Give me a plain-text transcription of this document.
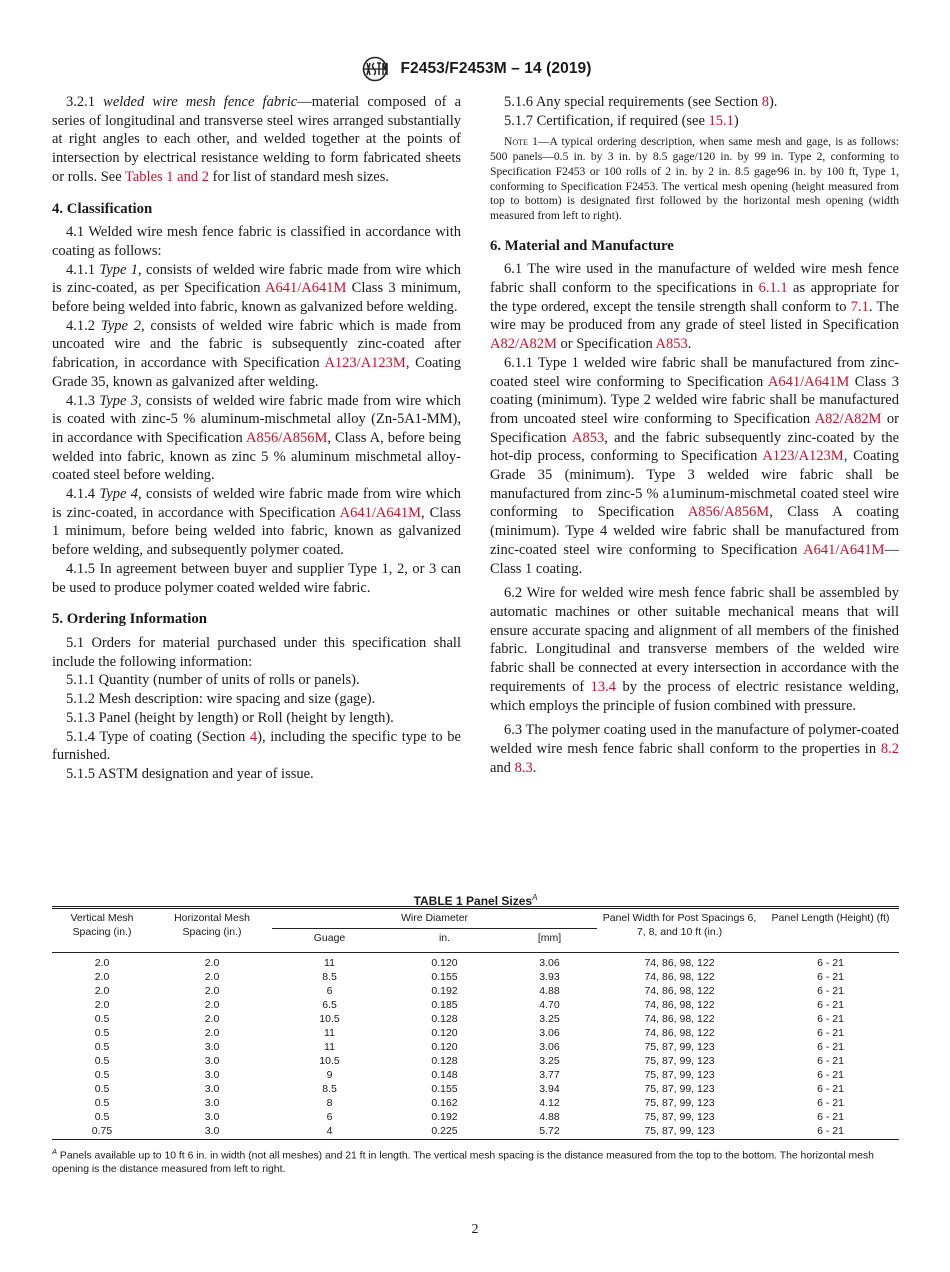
F2453/F2453M – 14 (2019)

3.2.1 welded wire mesh fence fabric—material composed of a series of longitudinal and transverse steel wires arranged substantially at right angles to each other, and welded together at the points of intersection by electrical resistance welding to form fabricated sheets or rolls. See Tables 1 and 2 for list of standard mesh sizes.

4. Classification

4.1 Welded wire mesh fence fabric is classified in accordance with coating as follows:

4.1.1 Type 1, consists of welded wire fabric made from wire which is zinc-coated, as per Specification A641/A641M Class 3 minimum, before being welded into fabric, known as galvanized before welding.

4.1.2 Type 2, consists of welded wire fabric which is made from uncoated wire and the fabric is subsequently zinc-coated after fabrication, in accordance with Specification A123/A123M, Coating Grade 35, known as galvanized after welding.

4.1.3 Type 3, consists of welded wire fabric made from wire which is coated with zinc-5 % aluminum-mischmetal alloy (Zn-5A1-MM), in accordance with Specification A856/A856M, Class A, before being welded into fabric, known as zinc 5 % aluminum mischmetal alloy-coated steel before welding.

4.1.4 Type 4, consists of welded wire fabric made from wire which is zinc-coated, in accordance with Specification A641/A641M, Class 1 minimum, before being welded into fabric, known as galvanized before welding, and subsequently polymer coated.

4.1.5 In agreement between buyer and supplier Type 1, 2, or 3 can be used to produce polymer coated welded wire fabric.

5. Ordering Information

5.1 Orders for material purchased under this specification shall include the following information:

5.1.1 Quantity (number of units of rolls or panels).

5.1.2 Mesh description: wire spacing and size (gage).

5.1.3 Panel (height by length) or Roll (height by length).

5.1.4 Type of coating (Section 4), including the specific type to be furnished.

5.1.5 ASTM designation and year of issue.

5.1.6 Any special requirements (see Section 8).

5.1.7 Certification, if required (see 15.1)

Note 1—A typical ordering description, when same mesh and gage, is as follows: 500 panels—0.5 in. by 3 in. by 8.5 gage/120 in. by 99 in. Type 2, conforming to Specification F2453 or 100 rolls of 2 in. by 2 in. 8.5 gage⁄96 in. by 100 ft, Type 1, conforming to Specification F2453. The vertical mesh opening (height measured from top to bottom) is designated first followed by the horizontal mesh opening (width measured from left to right).

6. Material and Manufacture

6.1 The wire used in the manufacture of welded wire mesh fence fabric shall conform to the specifications in 6.1.1 as appropriate for the type ordered, except the tensile strength shall conform to 7.1. The wire may be produced from any grade of steel listed in Specification A82/A82M or Specification A853.

6.1.1 Type 1 welded wire fabric shall be manufactured from zinc-coated steel wire conforming to Specification A641/A641M Class 3 coating (minimum). Type 2 welded wire fabric shall be manufactured from uncoated steel wire conforming to Specification A82/A82M or Specification A853, and the fabric subsequently zinc-coated by the hot-dip process, conforming to Specification A123/A123M, Coating Grade 35 (minimum). Type 3 welded wire fabric shall be manufactured from zinc-5 % a1uminum-mischmetal coated steel wire conforming to Specification A856/A856M, Class A coating (minimum). Type 4 welded wire fabric shall be manufactured from zinc-coated steel wire conforming to Specification A641/A641M—Class 1 coating.

6.2 Wire for welded wire mesh fence fabric shall be assembled by automatic machines or other suitable mechanical means that will ensure accurate spacing and alignment of all members of the finished fabric. Longitudinal and transverse members of the welded wire fabric shall be connected at every intersection in accordance with the requirements of 13.4 by the process of electric resistance welding, which employs the principle of fusion combined with pressure.

6.3 The polymer coating used in the manufacture of polymer-coated welded wire mesh fence fabric shall conform to the properties in 8.2 and 8.3.

TABLE 1 Panel Sizes$^A$
Vertical Mesh Spacing (in.)	Horizontal Mesh Spacing (in.)	Wire Diameter			Panel Width for Post Spacings 6, 7, 8, and 10 ft (in.)	Panel Length (Height) (ft)
		Guage	in.	[mm]		
2.0	2.0	11	0.120	3.06	74, 86, 98, 122	6 - 21
2.0	2.0	8.5	0.155	3.93	74, 86, 98, 122	6 - 21
2.0	2.0	6	0.192	4.88	74, 86, 98, 122	6 - 21
2.0	2.0	6.5	0.185	4.70	74, 86, 98, 122	6 - 21
0.5	2.0	10.5	0.128	3.25	74, 86, 98, 122	6 - 21
0.5	2.0	11	0.120	3.06	74, 86, 98, 122	6 - 21
0.5	3.0	11	0.120	3.06	75, 87, 99, 123	6 - 21
0.5	3.0	10.5	0.128	3.25	75, 87, 99, 123	6 - 21
0.5	3.0	9	0.148	3.77	75, 87, 99, 123	6 - 21
0.5	3.0	8.5	0.155	3.94	75, 87, 99, 123	6 - 21
0.5	3.0	8	0.162	4.12	75, 87, 99, 123	6 - 21
0.5	3.0	6	0.192	4.88	75, 87, 99, 123	6 - 21
0.75	3.0	4	0.225	5.72	75, 87, 99, 123	6 - 21
$^A$ Panels available up to 10 ft 6 in. in width (not all meshes) and 21 ft in length. The vertical mesh spacing is the distance measured from the top to the bottom. The horizontal mesh opening is the distance measured from left to right.
2
